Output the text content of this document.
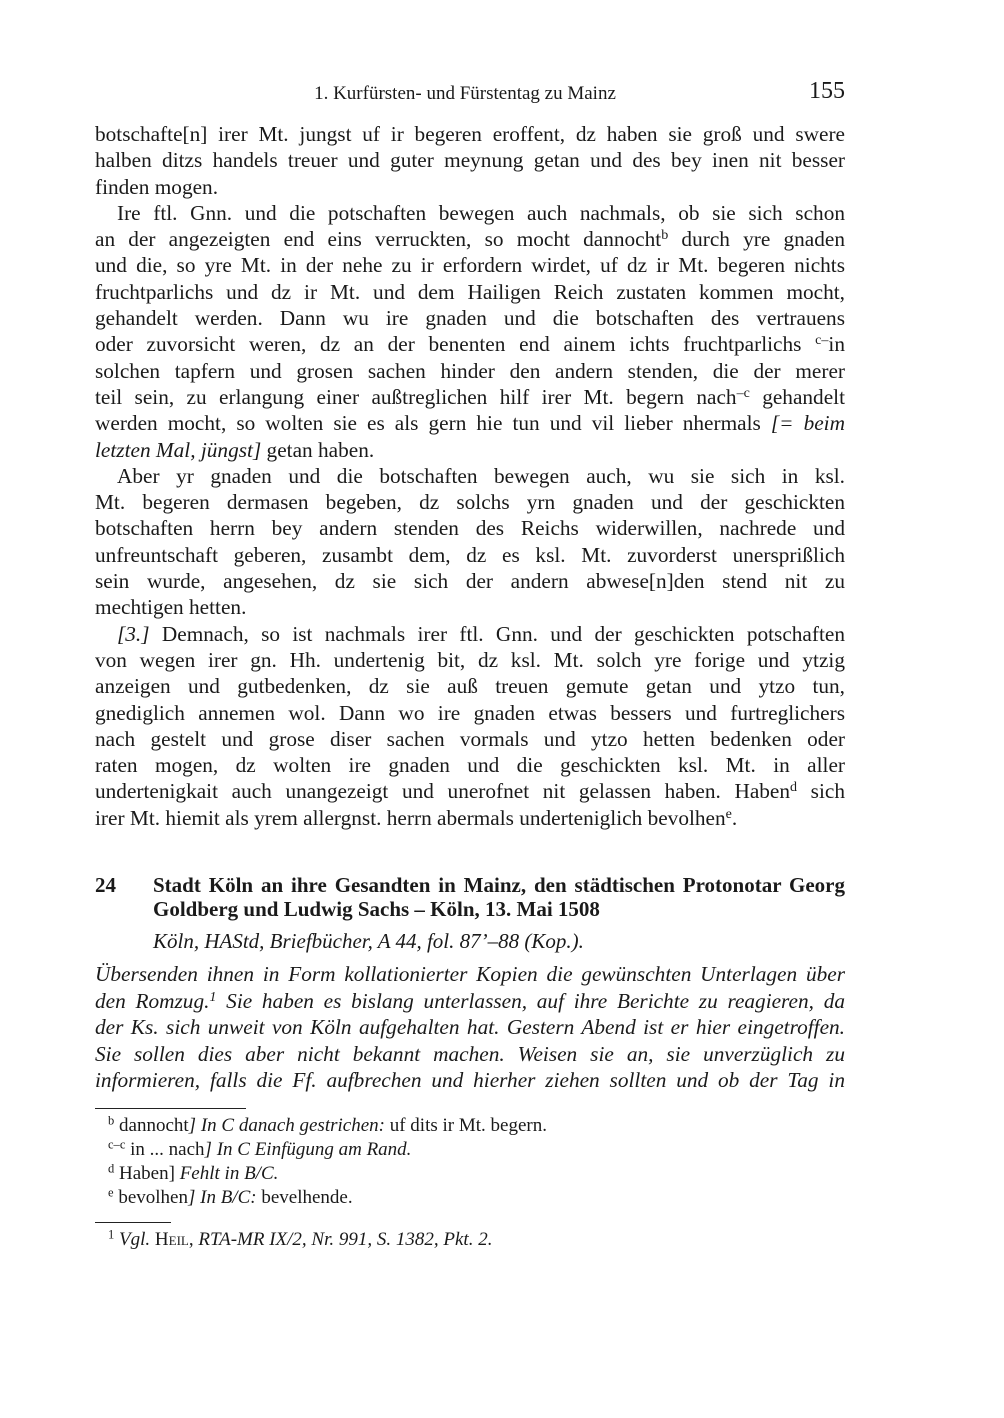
1. Kurfürsten- und Fürstentag zu Mainz	155
botschafte[n] irer Mt. jungst uf ir begeren eroffent, dz haben sie groß und swere
halben ditzs handels treuer und guter meynung getan und des bey inen nit besser
finden mogen.
Ire ftl. Gnn. und die potschaften bewegen auch nachmals, ob sie sich schon
an der angezeigten end eins verruckten, so mocht dannocht$^b$ durch yre gnaden
und die, so yre Mt. in der nehe zu ir erfordern wirdet, uf dz ir Mt. begeren nichts
fruchtparlichs und dz ir Mt. und dem Hailigen Reich zustaten kommen mocht,
gehandelt werden. Dann wu ire gnaden und die botschaften des vertrauens
oder zuvorsicht weren, dz an der benenten end ainem ichts fruchtparlichs $^{c-}$in
solchen tapfern und grosen sachen hinder den andern stenden, die der merer
teil sein, zu erlangung einer außtreglichen hilf irer Mt. begern nach$^{-c}$ gehandelt
werden mocht, so wolten sie es als gern hie tun und vil lieber nhermals [= beim
letzten Mal, jüngst] getan haben.
Aber yr gnaden und die botschaften bewegen auch, wu sie sich in ksl.
Mt. begeren dermasen begeben, dz solchs yrn gnaden und der geschickten
botschaften herrn bey andern stenden des Reichs widerwillen, nachrede und
unfreuntschaft geberen, zusambt dem, dz es ksl. Mt. zuvorderst unersprißlich
sein wurde, angesehen, dz sie sich der andern abwese[n]den stend nit zu
mechtigen hetten.
[3.] Demnach, so ist nachmals irer ftl. Gnn. und der geschickten potschaften
von wegen irer gn. Hh. undertenig bit, dz ksl. Mt. solch yre forige und ytzig
anzeigen und gutbedenken, dz sie auß treuen gemute getan und ytzo tun,
gnediglich annemen wol. Dann wo ire gnaden etwas bessers und furtreglichers
nach gestelt und grose diser sachen vormals und ytzo hetten bedenken oder
raten mogen, dz wolten ire gnaden und die geschickten ksl. Mt. in aller
undertenigkait auch unangezeigt und unerofnet nit gelassen haben. Haben$^d$ sich
irer Mt. hiemit als yrem allergnst. herrn abermals underteniglich bevolhen$^e$.
24 Stadt Köln an ihre Gesandten in Mainz, den städtischen Protonotar Georg
Goldberg und Ludwig Sachs – Köln, 13. Mai 1508
Köln, HAStd, Briefbücher, A 44, fol. 87’–88 (Kop.).
Übersenden ihnen in Form kollationierter Kopien die gewünschten Unterlagen über
den Romzug.$^1$ Sie haben es bislang unterlassen, auf ihre Berichte zu reagieren, da
der Ks. sich unweit von Köln aufgehalten hat. Gestern Abend ist er hier eingetroffen.
Sie sollen dies aber nicht bekannt machen. Weisen sie an, sie unverzüglich zu
informieren, falls die Ff. aufbrechen und hierher ziehen sollten und ob der Tag in
$^b$ dannocht] In C danach gestrichen: uf dits ir Mt. begern.
$^{c-c}$ in ... nach] In C Einfügung am Rand.
$^d$ Haben] Fehlt in B/C.
$^e$ bevolhen] In B/C: bevelhende.
$^1$ Vgl. Heil, RTA-MR IX/2, Nr. 991, S. 1382, Pkt. 2.
